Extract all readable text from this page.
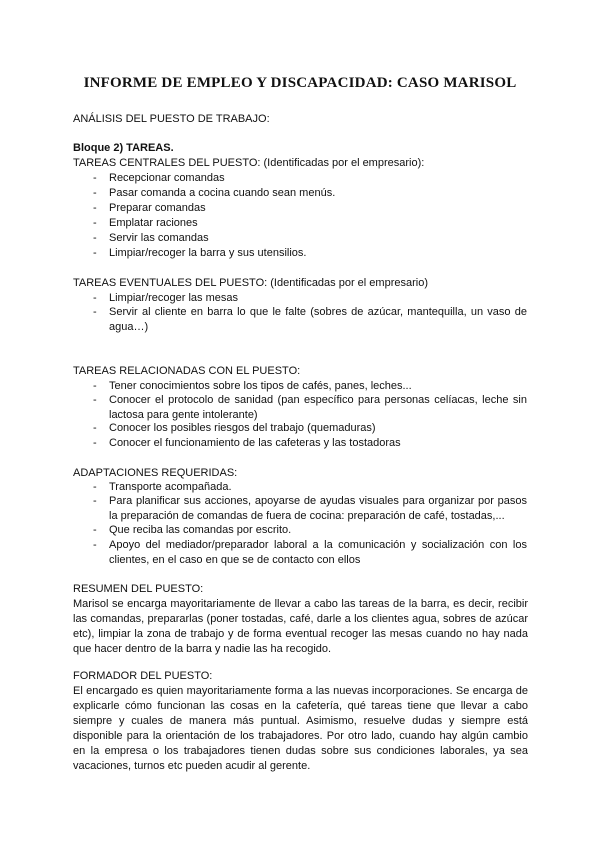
INFORME DE EMPLEO Y DISCAPACIDAD: CASO MARISOL
ANÁLISIS DEL PUESTO DE TRABAJO:
Bloque 2) TAREAS.
TAREAS CENTRALES DEL PUESTO: (Identificadas por el empresario):
- Recepcionar comandas
- Pasar comanda a cocina cuando sean menús.
- Preparar comandas
- Emplatar raciones
- Servir las comandas
- Limpiar/recoger la barra y sus utensilios.
TAREAS EVENTUALES DEL PUESTO: (Identificadas por el empresario)
- Limpiar/recoger las mesas
- Servir al cliente en barra lo que le falte (sobres de azúcar, mantequilla, un vaso de agua…)
TAREAS RELACIONADAS CON EL PUESTO:
- Tener conocimientos sobre los tipos de cafés, panes, leches...
- Conocer el protocolo de sanidad (pan específico para personas celíacas, leche sin lactosa para gente intolerante)
- Conocer los posibles riesgos del trabajo (quemaduras)
- Conocer el funcionamiento de las cafeteras y las tostadoras
ADAPTACIONES REQUERIDAS:
- Transporte acompañada.
- Para planificar sus acciones, apoyarse de ayudas visuales para organizar por pasos la preparación de comandas de fuera de cocina: preparación de café, tostadas,...
- Que reciba las comandas por escrito.
- Apoyo del mediador/preparador laboral a la comunicación y socialización con los clientes, en el caso en que se de contacto con ellos
RESUMEN DEL PUESTO:
Marisol se encarga mayoritariamente de llevar a cabo las tareas de la barra, es decir, recibir las comandas, prepararlas (poner tostadas, café, darle a los clientes agua, sobres de azúcar etc), limpiar la zona de trabajo y de forma eventual recoger las mesas cuando no hay nada que hacer dentro de la barra y nadie las ha recogido.
FORMADOR DEL PUESTO:
El encargado es quien mayoritariamente forma a las nuevas incorporaciones. Se encarga de explicarle cómo funcionan las cosas en la cafetería, qué tareas tiene que llevar a cabo siempre y cuales de manera más puntual. Asimismo, resuelve dudas y siempre está disponible para la orientación de los trabajadores. Por otro lado, cuando hay algún cambio en la empresa o los trabajadores tienen dudas sobre sus condiciones laborales, ya sea vacaciones, turnos etc pueden acudir al gerente.
